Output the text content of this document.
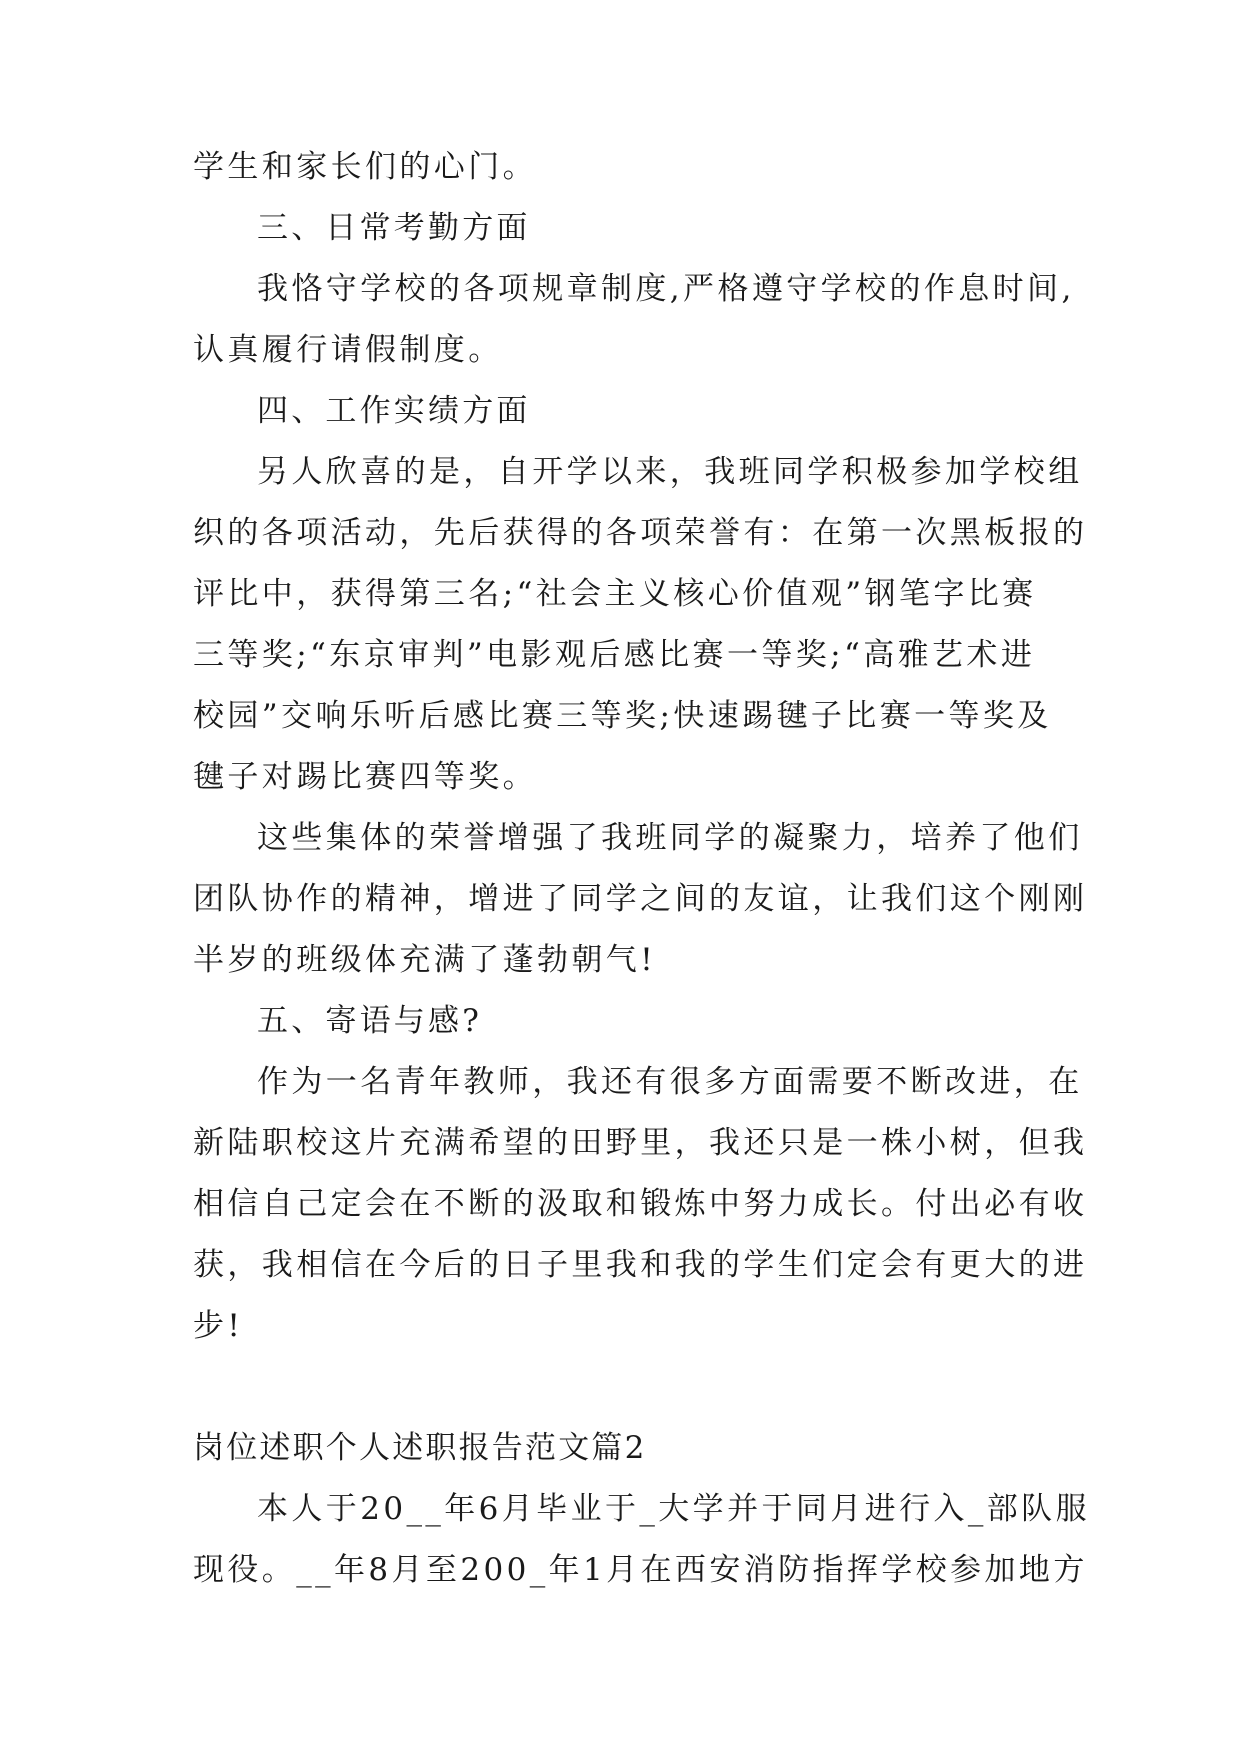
学生和家长们的心门。
三、日常考勤方面
我恪守学校的各项规章制度,严格遵守学校的作息时间,
认真履行请假制度。
四、工作实绩方面
另人欣喜的是，自开学以来，我班同学积极参加学校组
织的各项活动，先后获得的各项荣誉有：在第一次黑板报的
评比中，获得第三名;“社会主义核心价值观”钢笔字比赛
三等奖;“东京审判”电影观后感比赛一等奖;“高雅艺术进
校园”交响乐听后感比赛三等奖;快速踢毽子比赛一等奖及
毽子对踢比赛四等奖。
这些集体的荣誉增强了我班同学的凝聚力，培养了他们
团队协作的精神，增进了同学之间的友谊，让我们这个刚刚
半岁的班级体充满了蓬勃朝气!
五、寄语与感?
作为一名青年教师，我还有很多方面需要不断改进，在
新陆职校这片充满希望的田野里，我还只是一株小树，但我
相信自己定会在不断的汲取和锻炼中努力成长。付出必有收
获，我相信在今后的日子里我和我的学生们定会有更大的进
步!
岗位述职个人述职报告范文篇2
本人于20__年6月毕业于_大学并于同月进行入_部队服
现役。__年8月至200_年1月在西安消防指挥学校参加地方
